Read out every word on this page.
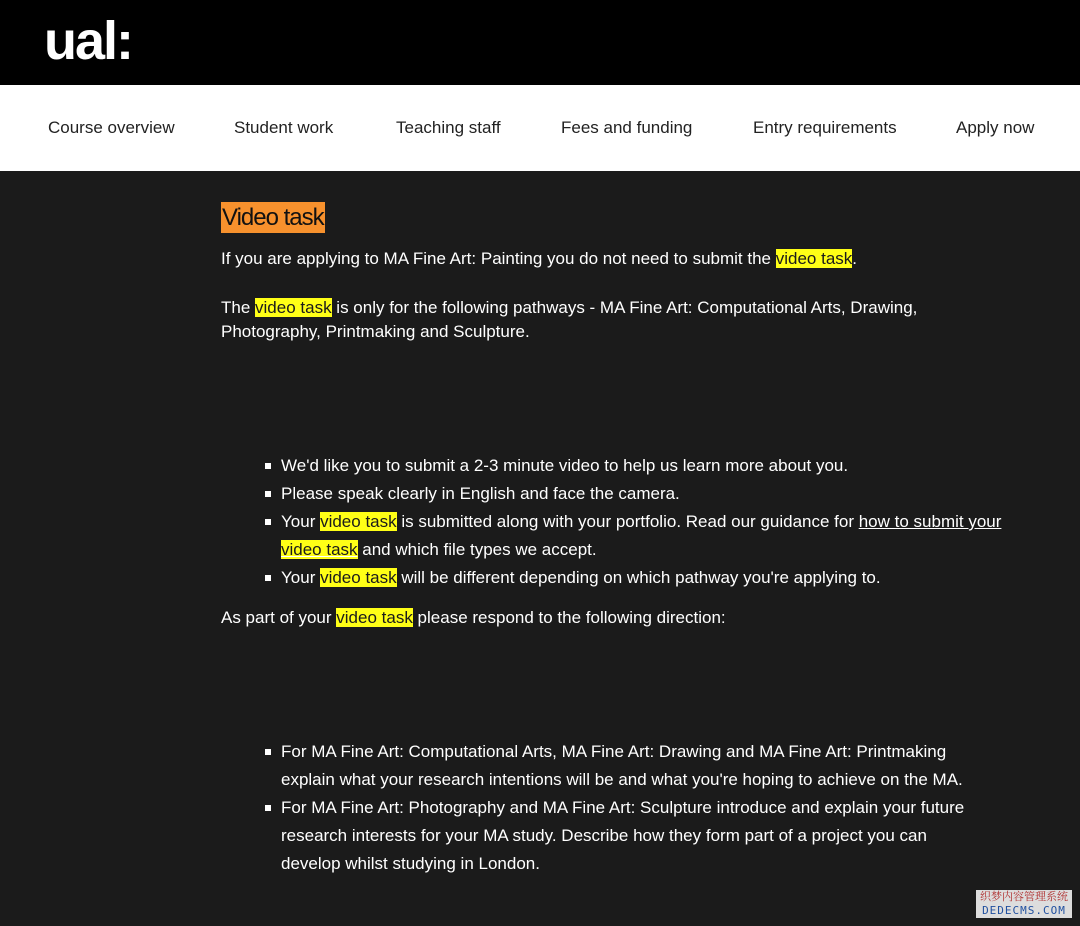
ual:
Course overview	Student work	Teaching staff	Fees and funding	Entry requirements	Apply now
Video task
If you are applying to MA Fine Art: Painting you do not need to submit the video task.
The video task is only for the following pathways - MA Fine Art: Computational Arts, Drawing, Photography, Printmaking and Sculpture.
We'd like you to submit a 2-3 minute video to help us learn more about you.
Please speak clearly in English and face the camera.
Your video task is submitted along with your portfolio. Read our guidance for how to submit your video task and which file types we accept.
Your video task will be different depending on which pathway you're applying to.
As part of your video task please respond to the following direction:
For MA Fine Art: Computational Arts, MA Fine Art: Drawing and MA Fine Art: Printmaking explain what your research intentions will be and what you're hoping to achieve on the MA.
For MA Fine Art: Photography and MA Fine Art: Sculpture introduce and explain your future research interests for your MA study. Describe how they form part of a project you can develop whilst studying in London.
织梦内容管理系统
DEDECMS.COM
